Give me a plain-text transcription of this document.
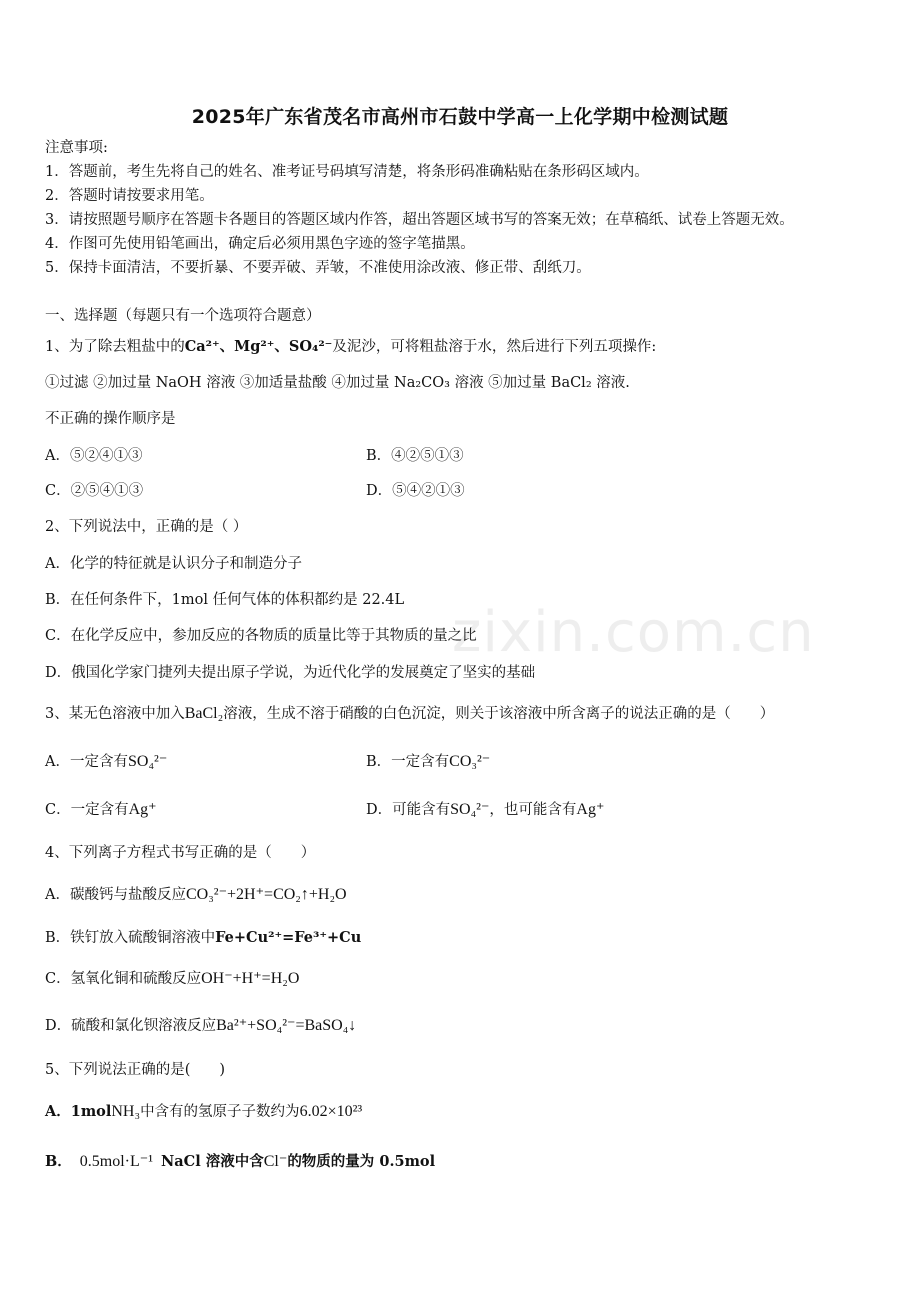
zixin.com.cn
2025年广东省茂名市高州市石鼓中学高一上化学期中检测试题
注意事项:
1．答题前，考生先将自己的姓名、准考证号码填写清楚，将条形码准确粘贴在条形码区域内。
2．答题时请按要求用笔。
3．请按照题号顺序在答题卡各题目的答题区域内作答，超出答题区域书写的答案无效；在草稿纸、试卷上答题无效。
4．作图可先使用铅笔画出，确定后必须用黑色字迹的签字笔描黑。
5．保持卡面清洁，不要折暴、不要弄破、弄皱，不准使用涂改液、修正带、刮纸刀。
一、选择题（每题只有一个选项符合题意）
1、为了除去粗盐中的Ca²⁺、Mg²⁺、SO₄²⁻及泥沙，可将粗盐溶于水，然后进行下列五项操作:
①过滤 ②加过量 NaOH 溶液 ③加适量盐酸 ④加过量 Na₂CO₃ 溶液 ⑤加过量 BaCl₂ 溶液.
不正确的操作顺序是
A．⑤②④①③	B．④②⑤①③
C．②⑤④①③	D．⑤④②①③
2、下列说法中，正确的是（ ）
A．化学的特征就是认识分子和制造分子
B．在任何条件下，1mol 任何气体的体积都约是 22.4L
C．在化学反应中，参加反应的各物质的质量比等于其物质的量之比
D．俄国化学家门捷列夫提出原子学说，为近代化学的发展奠定了坚实的基础
3、某无色溶液中加入BaCl₂溶液，生成不溶于硝酸的白色沉淀，则关于该溶液中所含离子的说法正确的是（　　）
A．一定含有SO₄²⁻	B．一定含有CO₃²⁻
C．一定含有Ag⁺	D．可能含有SO₄²⁻，也可能含有Ag⁺
4、下列离子方程式书写正确的是（　　）
A．碳酸钙与盐酸反应CO₃²⁻+2H⁺=CO₂↑+H₂O
B．铁钉放入硫酸铜溶液中Fe+Cu²⁺=Fe³⁺+Cu
C．氢氧化铜和硫酸反应OH⁻+H⁺=H₂O
D．硫酸和氯化钡溶液反应Ba²⁺+SO₄²⁻=BaSO₄↓
5、下列说法正确的是(　　)
A．1molNH₃中含有的氢原子子数约为6.02×10²³
B． 0.5mol·L⁻¹ NaCl 溶液中含Cl⁻的物质的量为 0.5mol
